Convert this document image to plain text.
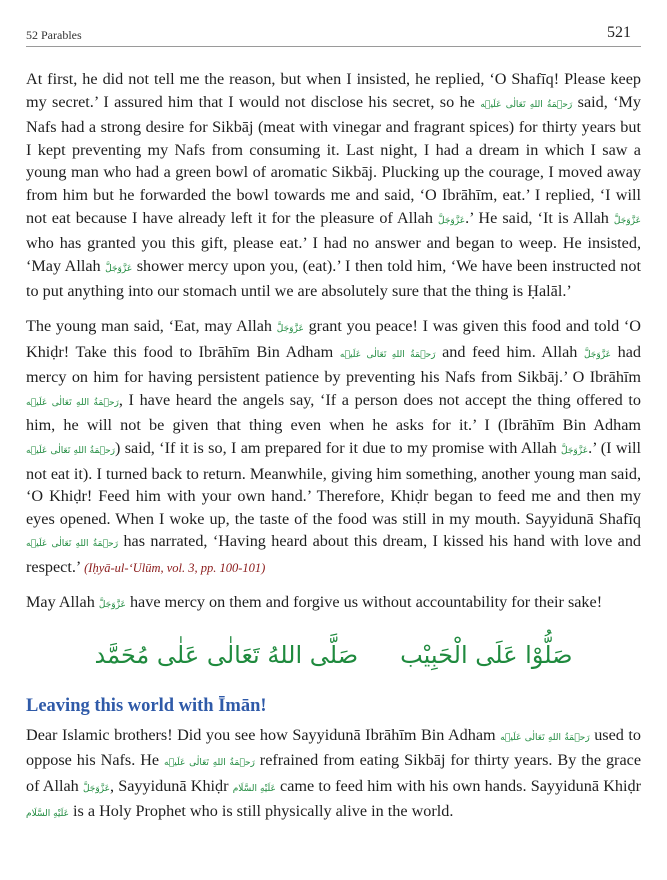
52 Parables	521

At first, he did not tell me the reason, but when I insisted, he replied, ‘O Shafīq! Please keep my secret.’ I assured him that I would not disclose his secret, so he رَحۡمَةُ اللهِ تَعَالٰی عَلَیۡه said, ‘My Nafs had a strong desire for Sikbāj (meat with vinegar and fragrant spices) for thirty years but I kept preventing my Nafs from consuming it. Last night, I had a dream in which I saw a young man who had a green bowl of aromatic Sikbāj. Plucking up the courage, I moved away from him but he forwarded the bowl towards me and said, ‘O Ibrāhīm, eat.’ I replied, ‘I will not eat because I have already left it for the pleasure of Allah عَزَّوَجَلَّ.’ He said, ‘It is Allah عَزَّوَجَلَّ who has granted you this gift, please eat.’ I had no answer and began to weep. He insisted, ‘May Allah عَزَّوَجَلَّ shower mercy upon you, (eat).’ I then told him, ‘We have been instructed not to put anything into our stomach until we are absolutely sure that the thing is Ḥalāl.’

The young man said, ‘Eat, may Allah عَزَّوَجَلَّ grant you peace! I was given this food and told ‘O Khiḍr! Take this food to Ibrāhīm Bin Adham رَحۡمَةُ اللهِ تَعَالٰی عَلَیۡه and feed him. Allah عَزَّوَجَلَّ had mercy on him for having persistent patience by preventing his Nafs from Sikbāj.’ O Ibrāhīm رَحۡمَةُ اللهِ تَعَالٰی عَلَیۡه, I have heard the angels say, ‘If a person does not accept the thing offered to him, he will not be given that thing even when he asks for it.’ I (Ibrāhīm Bin Adham رَحۡمَةُ اللهِ تَعَالٰی عَلَیۡه) said, ‘If it is so, I am prepared for it due to my promise with Allah عَزَّوَجَلَّ.’ (I will not eat it). I turned back to return. Meanwhile, giving him something, another young man said, ‘O Khiḍr! Feed him with your own hand.’ Therefore, Khiḍr began to feed me and then my eyes opened. When I woke up, the taste of the food was still in my mouth. Sayyidunā Shafīq رَحۡمَةُ اللهِ تَعَالٰی عَلَیۡه has narrated, ‘Having heard about this dream, I kissed his hand with love and respect.’ (Iḥyā-ul-‘Ulūm, vol. 3, pp. 100-101)

May Allah عَزَّوَجَلَّ have mercy on them and forgive us without accountability for their sake!

صَلُّوْا عَلَى الْحَبِيْب
صَلَّى اللهُ تَعَالٰى عَلٰى مُحَمَّد
Leaving this world with Īmān!

Dear Islamic brothers! Did you see how Sayyidunā Ibrāhīm Bin Adham رَحۡمَةُ اللهِ تَعَالٰی عَلَیۡه used to oppose his Nafs. He رَحۡمَةُ اللهِ تَعَالٰی عَلَیۡه refrained from eating Sikbāj for thirty years. By the grace of Allah عَزَّوَجَلَّ, Sayyidunā Khiḍr عَلَيْهِ السَّلَام came to feed him with his own hands. Sayyidunā Khiḍr عَلَيْهِ السَّلَام is a Holy Prophet who is still physically alive in the world.
